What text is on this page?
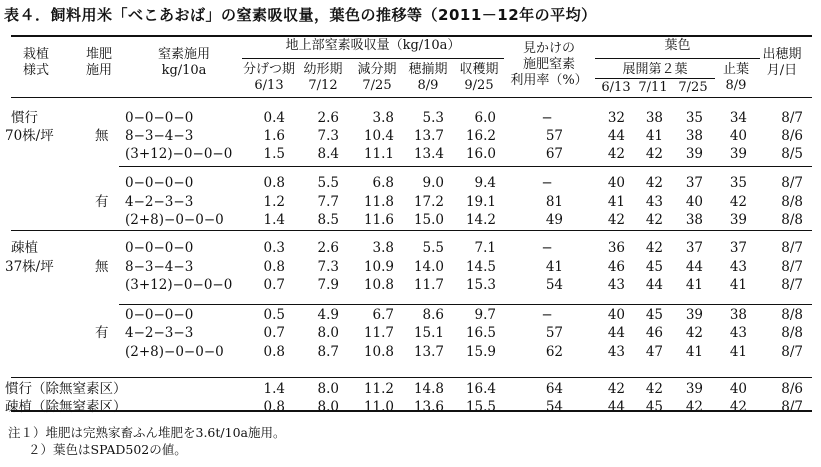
表４．飼料用米「べこあおば」の窒素吸収量，葉色の推移等（2011－12年の平均）
栽植
様式
堆肥
施用
窒素施用
kg/10a
地上部窒素吸収量（kg/10a）
分げつ期
6/13
幼形期
7/12
減分期
7/25
穂揃期
8/9
収穫期
9/25
見かけの
施肥窒素
利用率（%）
葉色
展開第２葉
6/13 7/11 7/25
止葉
8/9
出穂期
月/日
慣行	0−0−0−0	0.4	2.6	3.8	5.3	6.0	−	32	38	35	34	8/7
70株/坪	無 8−3−4−3	1.6	7.3	10.4	13.7	16.2	57	44	41	38	40	8/6
(3+12)−0−0−0	1.5	8.4	11.1	13.4	16.0	67	42	42	39	39	8/5
0−0−0−0	0.8	5.5	6.8	9.0	9.4	−	40	42	37	35	8/7
有 4−2−3−3	1.2	7.7	11.8	17.2	19.1	81	41	43	40	42	8/8
(2+8)−0−0−0	1.4	8.5	11.6	15.0	14.2	49	42	42	38	39	8/8
疎植	0−0−0−0	0.3	2.6	3.8	5.5	7.1	−	36	42	37	37	8/7
37株/坪	無 8−3−4−3	0.8	7.3	10.9	14.0	14.5	41	46	45	44	43	8/7
(3+12)−0−0−0	0.7	7.9	10.8	11.7	15.3	54	43	44	41	41	8/7
0−0−0−0	0.5	4.9	6.7	8.6	9.7	−	40	45	39	38	8/8
有 4−2−3−3	0.7	8.0	11.7	15.1	16.5	57	44	46	42	43	8/8
(2+8)−0−0−0	0.8	8.7	10.8	13.7	15.9	62	43	47	41	41	8/7
慣行（除無窒素区）	1.4	8.0	11.2	14.8	16.4	64	42	42	39	40	8/6
疎植（除無窒素区）	0.8	8.0	11.0	13.6	15.5	54	44	45	42	42	8/7
注１）堆肥は完熟家畜ふん堆肥を3.6t/10a施用。
２）葉色はSPAD502の値。
